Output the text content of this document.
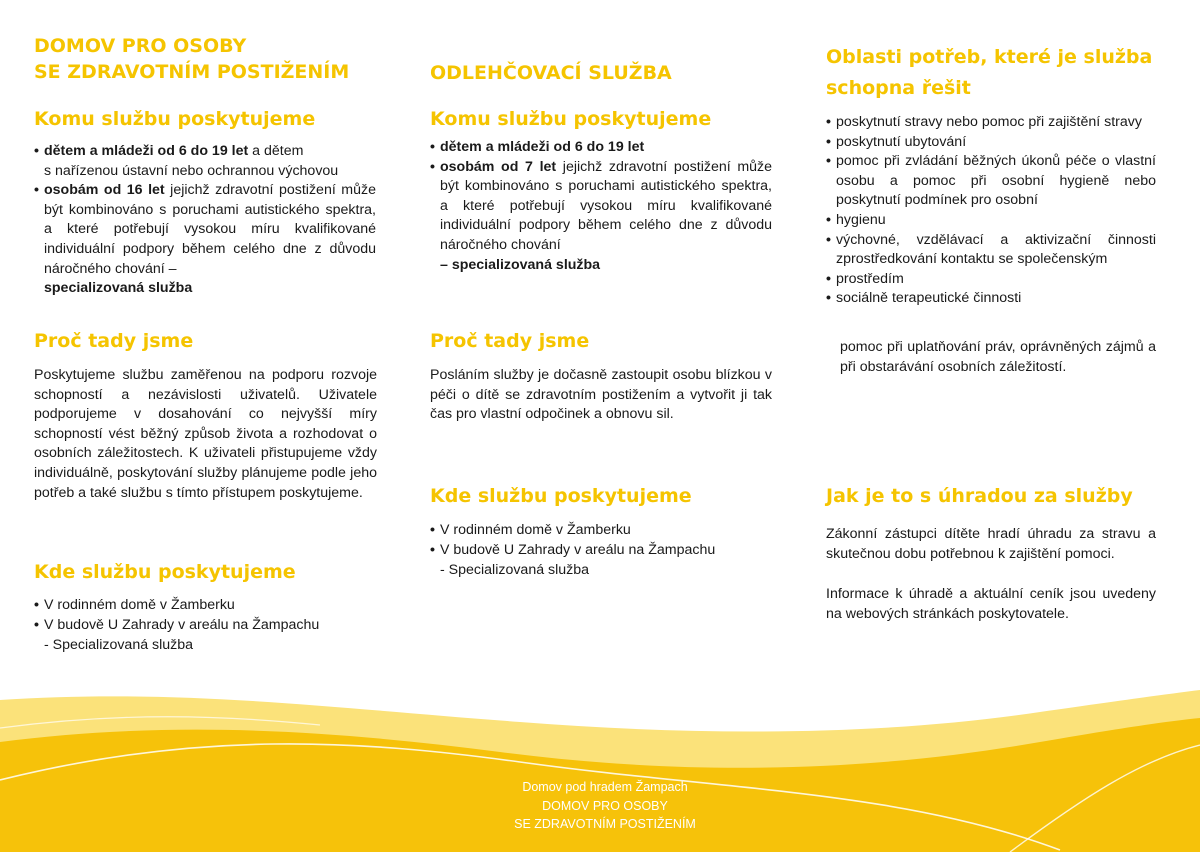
DOMOV PRO OSOBY
SE ZDRAVOTNÍM POSTIŽENÍM
Komu službu poskytujeme
• dětem a mládeži od 6 do 19 let a dětem
s nařízenou ústavní nebo ochrannou výchovou
• osobám od 16 let jejichž zdravotní postižení může být kombinováno s poruchami autistického spektra, a které potřebují vysokou míru kvalifikované individuální podpory během celého dne z důvodu náročného chování –
specializovaná služba
Proč tady jsme

Poskytujeme službu zaměřenou na podporu rozvoje schopností a nezávislosti uživatelů. Uživatele podporujeme v dosahování co nejvyšší míry schopností vést běžný způsob života a rozhodovat o osobních záležitostech. K uživateli přistupujeme vždy individuálně, poskytování služby plánujeme podle jeho potřeb a také službu s tímto přístupem poskytujeme.

Kde službu poskytujeme
• V rodinném domě v Žamberku
• V budově U Zahrady v areálu na Žampachu
- Specializovaná služba
ODLEHČOVACÍ SLUŽBA
Komu službu poskytujeme
• dětem a mládeži od 6 do 19 let
• osobám od 7 let jejichž zdravotní postižení může být kombinováno s poruchami autistického spektra, a které potřebují vysokou míru kvalifikované individuální podpory během celého dne z důvodu náročného chování
– specializovaná služba
Proč tady jsme

Posláním služby je dočasně zastoupit osobu blízkou v péči o dítě se zdravotním postižením a vytvořit ji tak čas pro vlastní odpočinek a obnovu sil.

Kde službu poskytujeme
• V rodinném domě v Žamberku
• V budově U Zahrady v areálu na Žampachu
- Specializovaná služba
Oblasti potřeb, které je služba
schopna řešit
• poskytnutí stravy nebo pomoc při zajištění stravy
• poskytnutí ubytování
• pomoc při zvládání běžných úkonů péče o vlastní osobu a pomoc při osobní hygieně nebo poskytnutí podmínek pro osobní
• hygienu
• výchovné, vzdělávací a aktivizační činnosti zprostředkování kontaktu se společenským
• prostředím
• sociálně terapeutické činnosti

pomoc při uplatňování práv, oprávněných zájmů a při obstarávání osobních záležitostí.

Jak je to s úhradou za služby

Zákonní zástupci dítěte hradí úhradu za stravu a skutečnou dobu potřebnou k zajištění pomoci.

Informace k úhradě a aktuální ceník jsou uvedeny na webových stránkách poskytovatele.

Domov pod hradem Žampach
DOMOV PRO OSOBY
SE ZDRAVOTNÍM POSTIŽENÍM
